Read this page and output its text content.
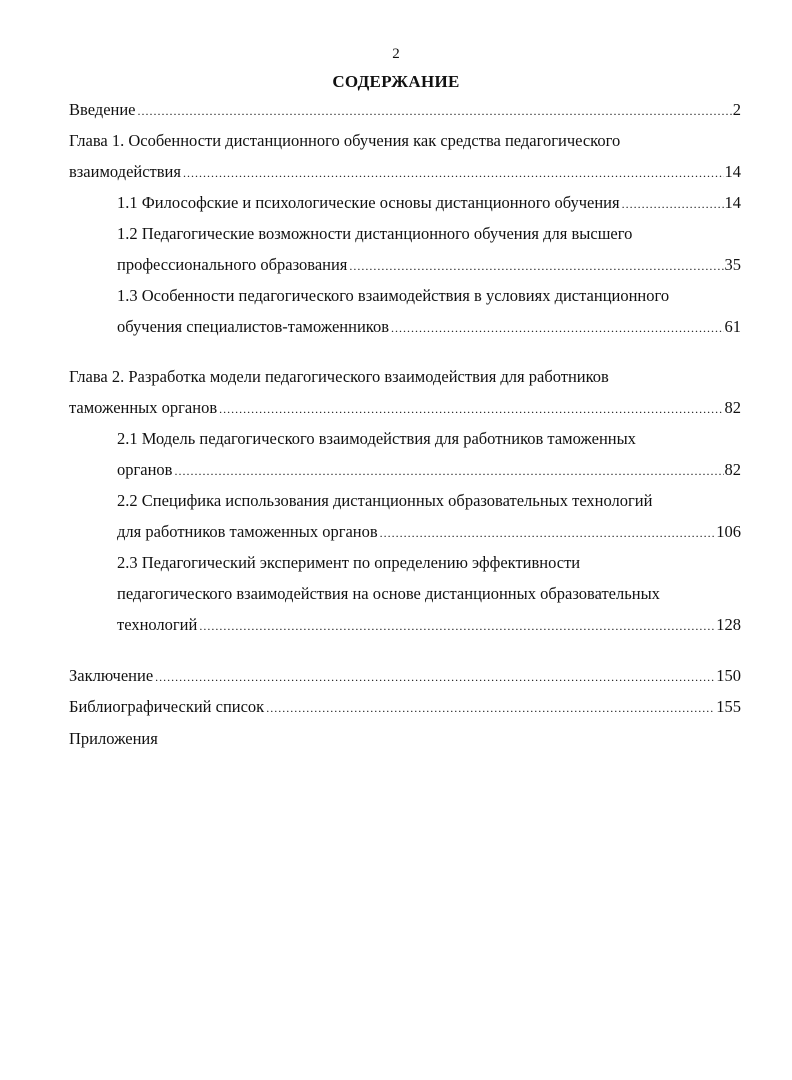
2
СОДЕРЖАНИЕ
Введение .....	2
Глава 1. Особенности дистанционного обучения как средства педагогического
взаимодействия .....	14
1.1 Философские и психологические основы дистанционного обучения .....	14
1.2 Педагогические возможности дистанционного обучения для высшего
профессионального образования .....	35
1.3 Особенности педагогического взаимодействия в условиях дистанционного
обучения специалистов-таможенников .....	61
Глава 2. Разработка модели педагогического взаимодействия для работников
таможенных органов .....	82
2.1 Модель педагогического взаимодействия для работников таможенных
органов .....	82
2.2 Специфика использования дистанционных образовательных технологий
для работников таможенных органов .....	106
2.3 Педагогический эксперимент по определению эффективности
педагогического взаимодействия на основе дистанционных образовательных
технологий .....	128
Заключение .....	150
Библиографический список .....	155
Приложения
